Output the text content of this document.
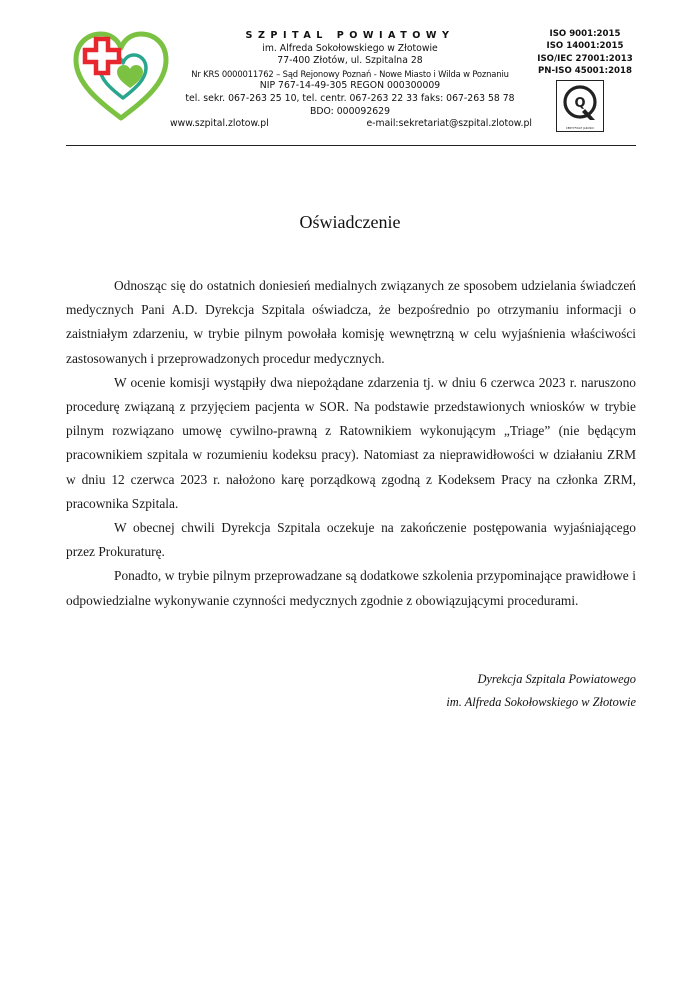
SZPITAL POWIATOWY
im. Alfreda Sokołowskiego w Złotowie
77-400 Złotów, ul. Szpitalna 28
Nr KRS 0000011762 – Sąd Rejonowy Poznań - Nowe Miasto i Wilda w Poznaniu
NIP 767-14-49-305 REGON 000300009
tel. sekr. 067-263 25 10, tel. centr. 067-263 22 33 faks: 067-263 58 78
BDO: 000092629
www.szpital.zlotow.pl	e-mail:sekretariat@szpital.zlotow.pl
ISO 9001:2015
ISO 14001:2015
ISO/IEC 27001:2013
PN-ISO 45001:2018
Q
CERTYFIKAT JAKOŚCI
Oświadczenie

Odnosząc się do ostatnich doniesień medialnych związanych ze sposobem udzielania świadczeń medycznych Pani A.D. Dyrekcja Szpitala oświadcza, że bezpośrednio po otrzymaniu informacji o zaistniałym zdarzeniu, w trybie pilnym powołała komisję wewnętrzną w celu wyjaśnienia właściwości zastosowanych i przeprowadzonych procedur medycznych.

W ocenie komisji wystąpiły dwa niepożądane zdarzenia tj. w dniu 6 czerwca 2023 r. naruszono procedurę związaną z przyjęciem pacjenta w SOR. Na podstawie przedstawionych wniosków w trybie pilnym rozwiązano umowę cywilno-prawną z Ratownikiem wykonującym „Triage” (nie będącym pracownikiem szpitala w rozumieniu kodeksu pracy). Natomiast za nieprawidłowości w działaniu ZRM w dniu 12 czerwca 2023 r. nałożono karę porządkową zgodną z Kodeksem Pracy na członka ZRM, pracownika Szpitala.

W obecnej chwili Dyrekcja Szpitala oczekuje na zakończenie postępowania wyjaśniającego przez Prokuraturę.

Ponadto, w trybie pilnym przeprowadzane są dodatkowe szkolenia przypominające prawidłowe i odpowiedzialne wykonywanie czynności medycznych zgodnie z obowiązującymi procedurami.

Dyrekcja Szpitala Powiatowego
im. Alfreda Sokołowskiego w Złotowie
